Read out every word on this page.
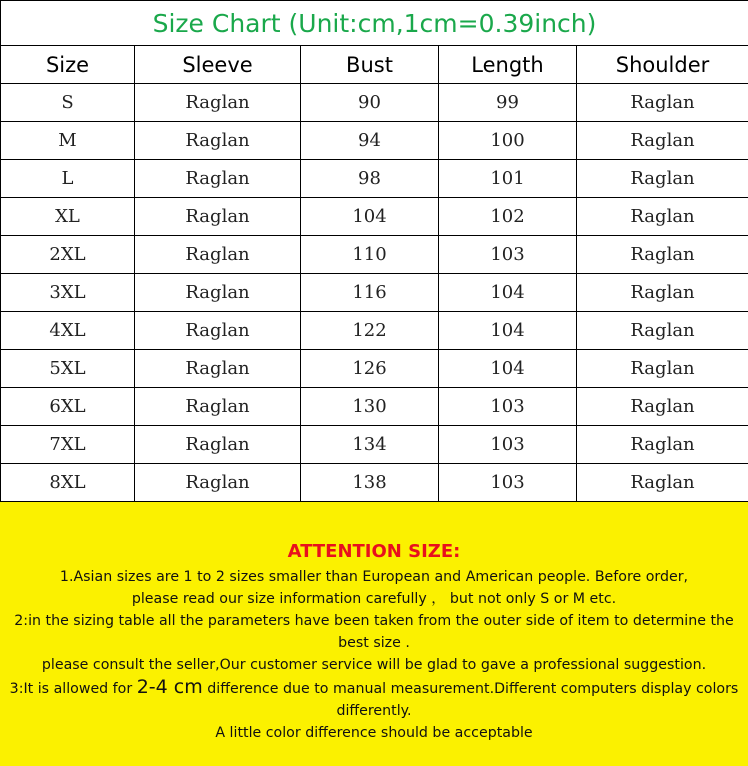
Size Chart (Unit:cm,1cm=0.39inch)				
Size	Sleeve	Bust	Length	Shoulder
S	Raglan	90	99	Raglan
M	Raglan	94	100	Raglan
L	Raglan	98	101	Raglan
XL	Raglan	104	102	Raglan
2XL	Raglan	110	103	Raglan
3XL	Raglan	116	104	Raglan
4XL	Raglan	122	104	Raglan
5XL	Raglan	126	104	Raglan
6XL	Raglan	130	103	Raglan
7XL	Raglan	134	103	Raglan
8XL	Raglan	138	103	Raglan
ATTENTION SIZE:
1.Asian sizes are 1 to 2 sizes smaller than European and American people. Before order,
please read our size information carefully ， but not only S or M etc.
2:in the sizing table all the parameters have been taken from the outer side of item to determine the best size .
please consult the seller,Our customer service will be glad to gave a professional suggestion.
3:It is allowed for 2-4 cm difference due to manual measurement.Different computers display colors differently.
A little color difference should be acceptable
